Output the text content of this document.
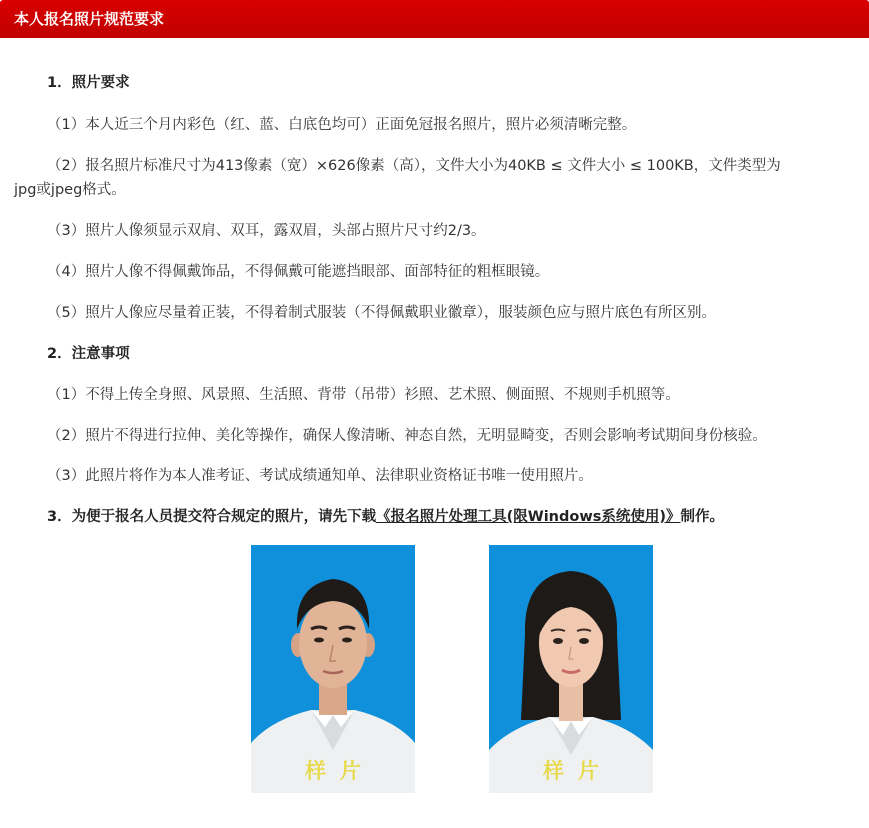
本人报名照片规范要求
1．照片要求
（1）本人近三个月内彩色（红、蓝、白底色均可）正面免冠报名照片，照片必须清晰完整。
（2）报名照片标准尺寸为413像素（宽）×626像素（高），文件大小为40KB ≤ 文件大小 ≤ 100KB，文件类型为
jpg或jpeg格式。
（3）照片人像须显示双肩、双耳，露双眉，头部占照片尺寸约2/3。
（4）照片人像不得佩戴饰品，不得佩戴可能遮挡眼部、面部特征的粗框眼镜。
（5）照片人像应尽量着正装，不得着制式服装（不得佩戴职业徽章），服装颜色应与照片底色有所区别。
2．注意事项
（1）不得上传全身照、风景照、生活照、背带（吊带）衫照、艺术照、侧面照、不规则手机照等。
（2）照片不得进行拉伸、美化等操作，确保人像清晰、神态自然，无明显畸变，否则会影响考试期间身份核验。
（3）此照片将作为本人准考证、考试成绩通知单、法律职业资格证书唯一使用照片。
3．为便于报名人员提交符合规定的照片，请先下载《报名照片处理工具(限Windows系统使用)》制作。
样片	样片
